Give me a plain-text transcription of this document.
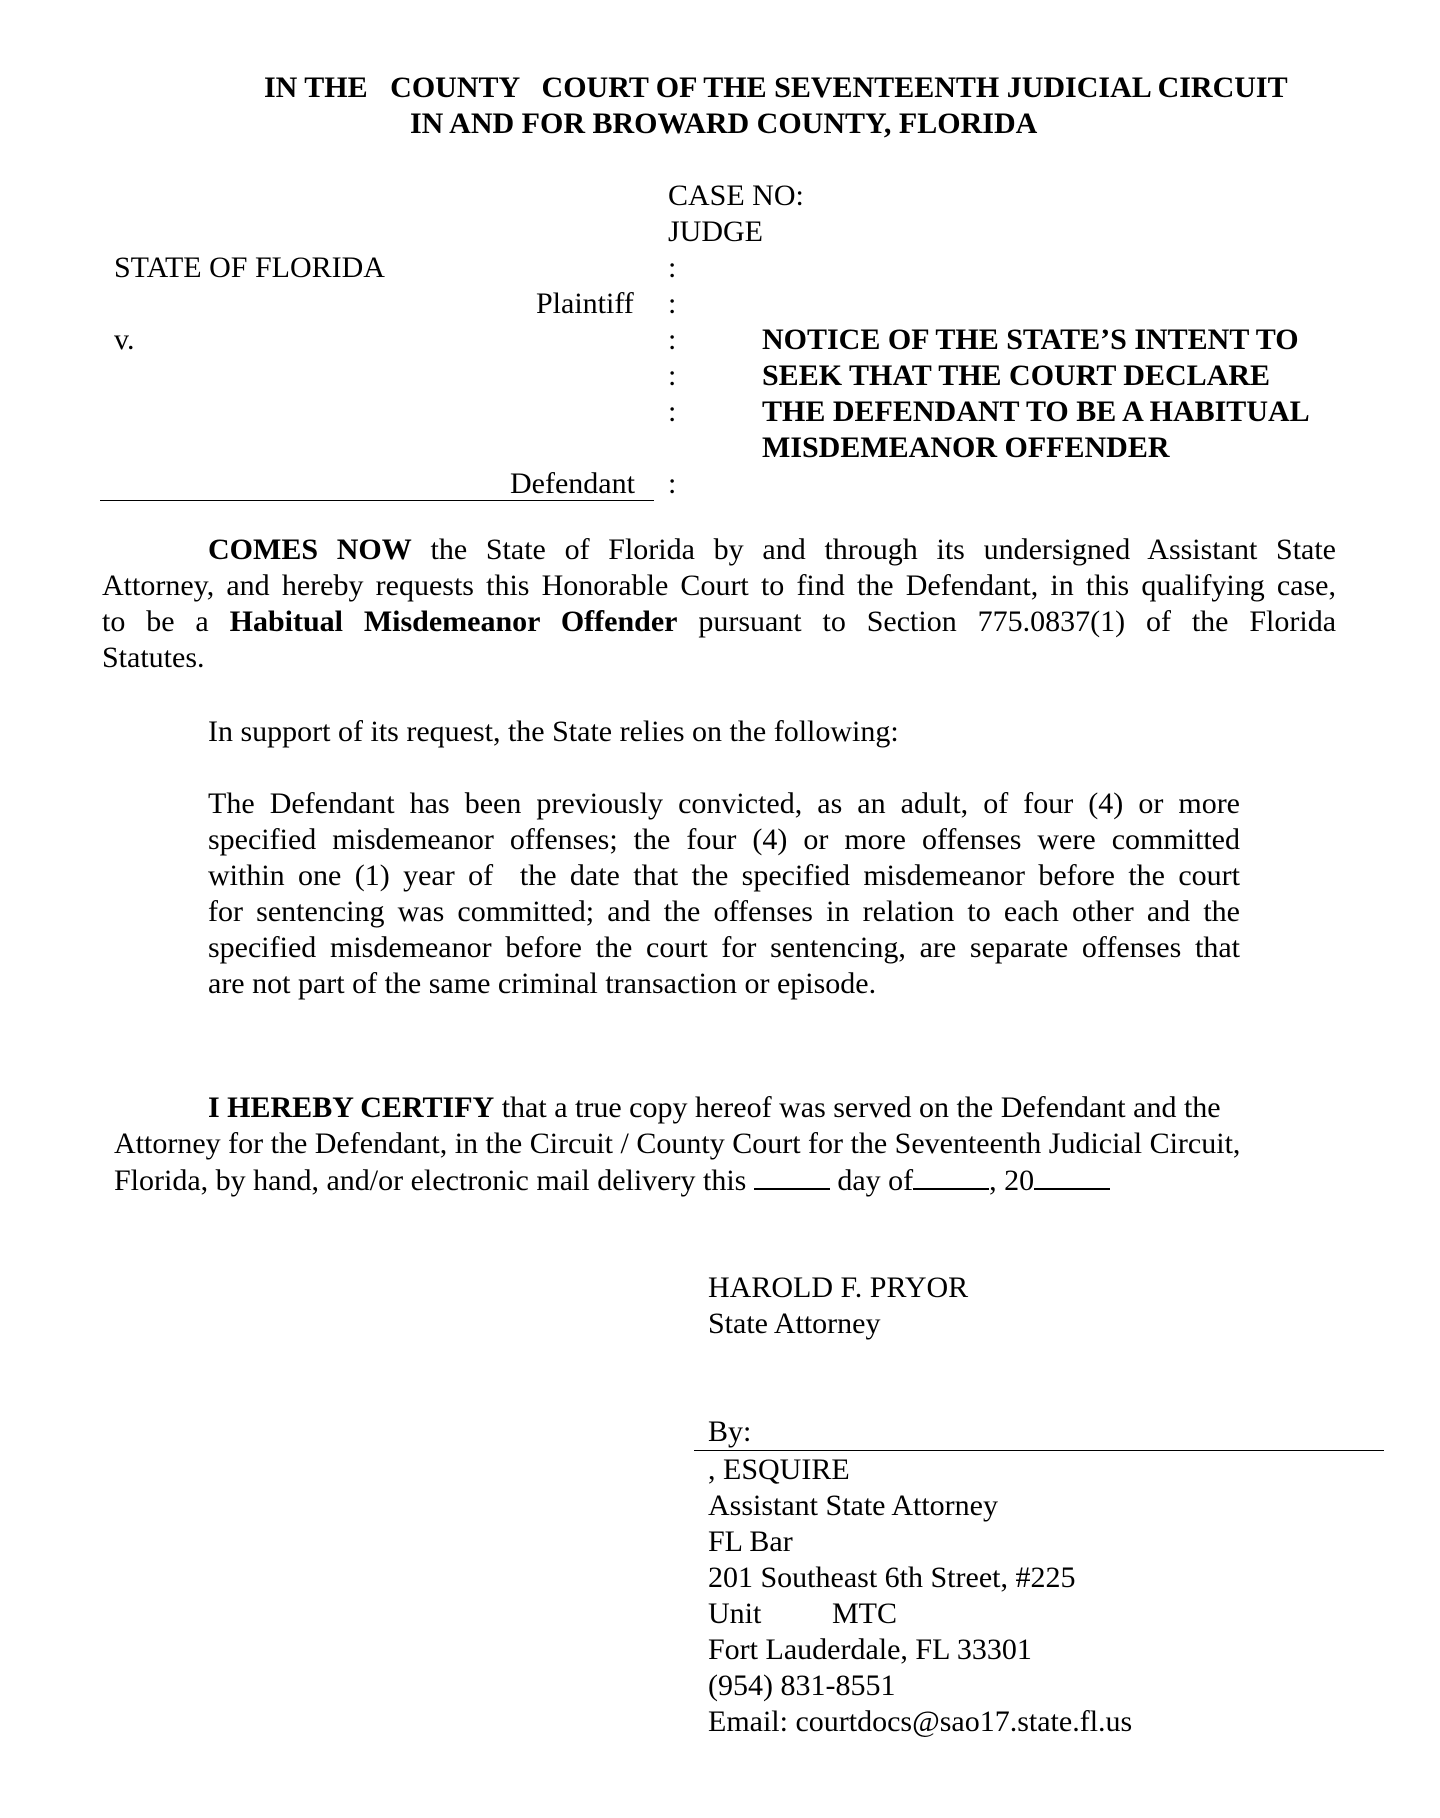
IN THE   COUNTY   COURT OF THE SEVENTEENTH JUDICIAL CIRCUIT
IN AND FOR BROWARD COUNTY, FLORIDA
CASE NO:
JUDGE
STATE OF FLORIDA
Plaintiff
v.
Defendant
:
:
:
:
:
:
NOTICE OF THE STATE’S INTENT TO
SEEK THAT THE COURT DECLARE
THE DEFENDANT TO BE A HABITUAL
MISDEMEANOR OFFENDER
COMES NOW the State of Florida by and through its undersigned Assistant State
Attorney, and hereby requests this Honorable Court to find the Defendant, in this qualifying case,
to be a Habitual Misdemeanor Offender pursuant to Section 775.0837(1) of the Florida
Statutes.
In support of its request, the State relies on the following:
The Defendant has been previously convicted, as an adult, of four (4) or more
specified misdemeanor offenses; the four (4) or more offenses were committed
within one (1) year of  the date that the specified misdemeanor before the court
for sentencing was committed; and the offenses in relation to each other and the
specified misdemeanor before the court for sentencing, are separate offenses that
are not part of the same criminal transaction or episode.
I HEREBY CERTIFY that a true copy hereof was served on the Defendant and the
Attorney for the Defendant, in the Circuit / County Court for the Seventeenth Judicial Circuit,
Florida, by hand, and/or electronic mail delivery this	day of	, 20
HAROLD F. PRYOR
State Attorney
By:
, ESQUIRE
Assistant State Attorney
FL Bar
201 Southeast 6th Street, #225
Unit MTC
Fort Lauderdale, FL 33301
(954) 831-8551
Email: courtdocs@sao17.state.fl.us
